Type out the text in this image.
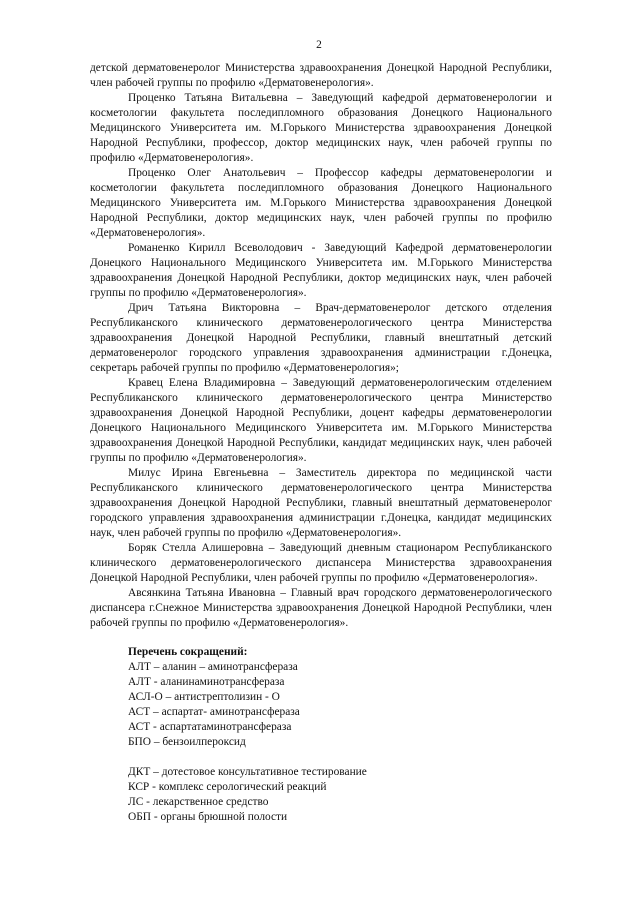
2

детской дерматовенеролог Министерства здравоохранения Донецкой Народной Республики, член рабочей группы по профилю «Дерматовенерология».

Проценко Татьяна Витальевна – Заведующий кафедрой дерматовенерологии и косметологии факультета последипломного образования Донецкого Национального Медицинского Университета им. М.Горького Министерства здравоохранения Донецкой Народной Республики, профессор, доктор медицинских наук, член рабочей группы по профилю «Дерматовенерология».

Проценко Олег Анатольевич – Профессор кафедры дерматовенерологии и косметологии факультета последипломного образования Донецкого Национального Медицинского Университета им. М.Горького Министерства здравоохранения Донецкой Народной Республики, доктор медицинских наук, член рабочей группы по профилю «Дерматовенерология».

Романенко Кирилл Всеволодович - Заведующий Кафедрой дерматовенерологии Донецкого Национального Медицинского Университета им. М.Горького Министерства здравоохранения Донецкой Народной Республики, доктор медицинских наук, член рабочей группы по профилю «Дерматовенерология».

Дрич Татьяна Викторовна – Врач-дерматовенеролог детского отделения Республиканского клинического дерматовенерологического центра Министерства здравоохранения Донецкой Народной Республики, главный внештатный детский дерматовенеролог городского управления здравоохранения администрации г.Донецка, секретарь рабочей группы по профилю «Дерматовенерология»;

Кравец Елена Владимировна – Заведующий дерматовенерологическим отделением Республиканского клинического дерматовенерологического центра Министерство здравоохранения Донецкой Народной Республики, доцент кафедры дерматовенерологии Донецкого Национального Медицинского Университета им. М.Горького Министерства здравоохранения Донецкой Народной Республики, кандидат медицинских наук, член рабочей группы по профилю «Дерматовенерология».

Милус Ирина Евгеньевна – Заместитель директора по медицинской части Республиканского клинического дерматовенерологического центра Министерства здравоохранения Донецкой Народной Республики, главный внештатный дерматовенеролог городского управления здравоохранения администрации г.Донецка, кандидат медицинских наук, член рабочей группы по профилю «Дерматовенерология».

Боряк Стелла Алишеровна – Заведующий дневным стационаром Республиканского клинического дерматовенерологического диспансера Министерства здравоохранения Донецкой Народной Республики, член рабочей группы по профилю «Дерматовенерология».

Авсянкина Татьяна Ивановна – Главный врач городского дерматовенерологического диспансера г.Снежное Министерства здравоохранения Донецкой Народной Республики, член рабочей группы по профилю «Дерматовенерология».

Перечень сокращений:
АЛТ – аланин – аминотрансфераза
АЛТ - аланинаминотрансфераза
АСЛ-О – антистрептолизин - О
АСТ – аспартат- аминотрансфераза
АСТ - аспартатаминотрансфераза
БПО – бензоилпероксид
ДКТ – дотестовое консультативное тестирование
КСР - комплекс серологический реакций
ЛС - лекарственное средство
ОБП - органы брюшной полости
